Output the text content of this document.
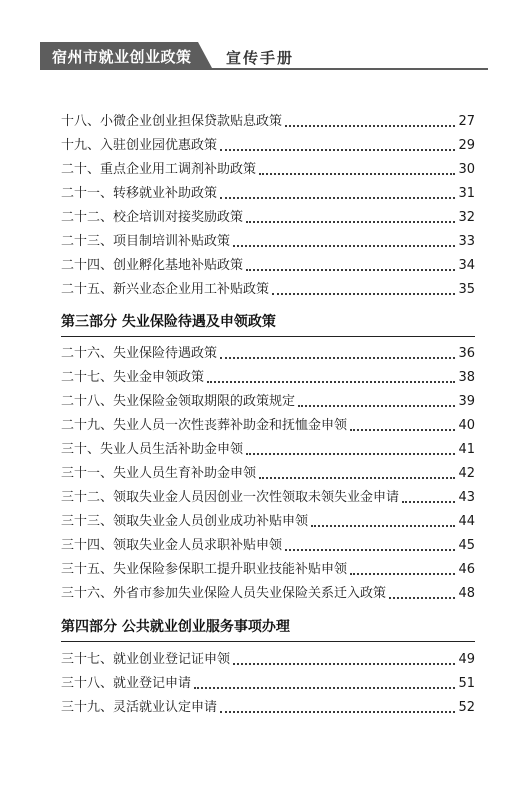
宿州市就业创业政策 宣传手册
十八、小微企业创业担保贷款贴息政策	27
十九、入驻创业园优惠政策	29
二十、重点企业用工调剂补助政策	30
二十一、转移就业补助政策	31
二十二、校企培训对接奖励政策	32
二十三、项目制培训补贴政策	33
二十四、创业孵化基地补贴政策	34
二十五、新兴业态企业用工补贴政策	35
第三部分 失业保险待遇及申领政策
二十六、失业保险待遇政策	36
二十七、失业金申领政策	38
二十八、失业保险金领取期限的政策规定	39
二十九、失业人员一次性丧葬补助金和抚恤金申领	40
三十、失业人员生活补助金申领	41
三十一、失业人员生育补助金申领	42
三十二、领取失业金人员因创业一次性领取未领失业金申请	43
三十三、领取失业金人员创业成功补贴申领	44
三十四、领取失业金人员求职补贴申领	45
三十五、失业保险参保职工提升职业技能补贴申领	46
三十六、外省市参加失业保险人员失业保险关系迁入政策	48
第四部分 公共就业创业服务事项办理
三十七、就业创业登记证申领	49
三十八、就业登记申请	51
三十九、灵活就业认定申请	52
